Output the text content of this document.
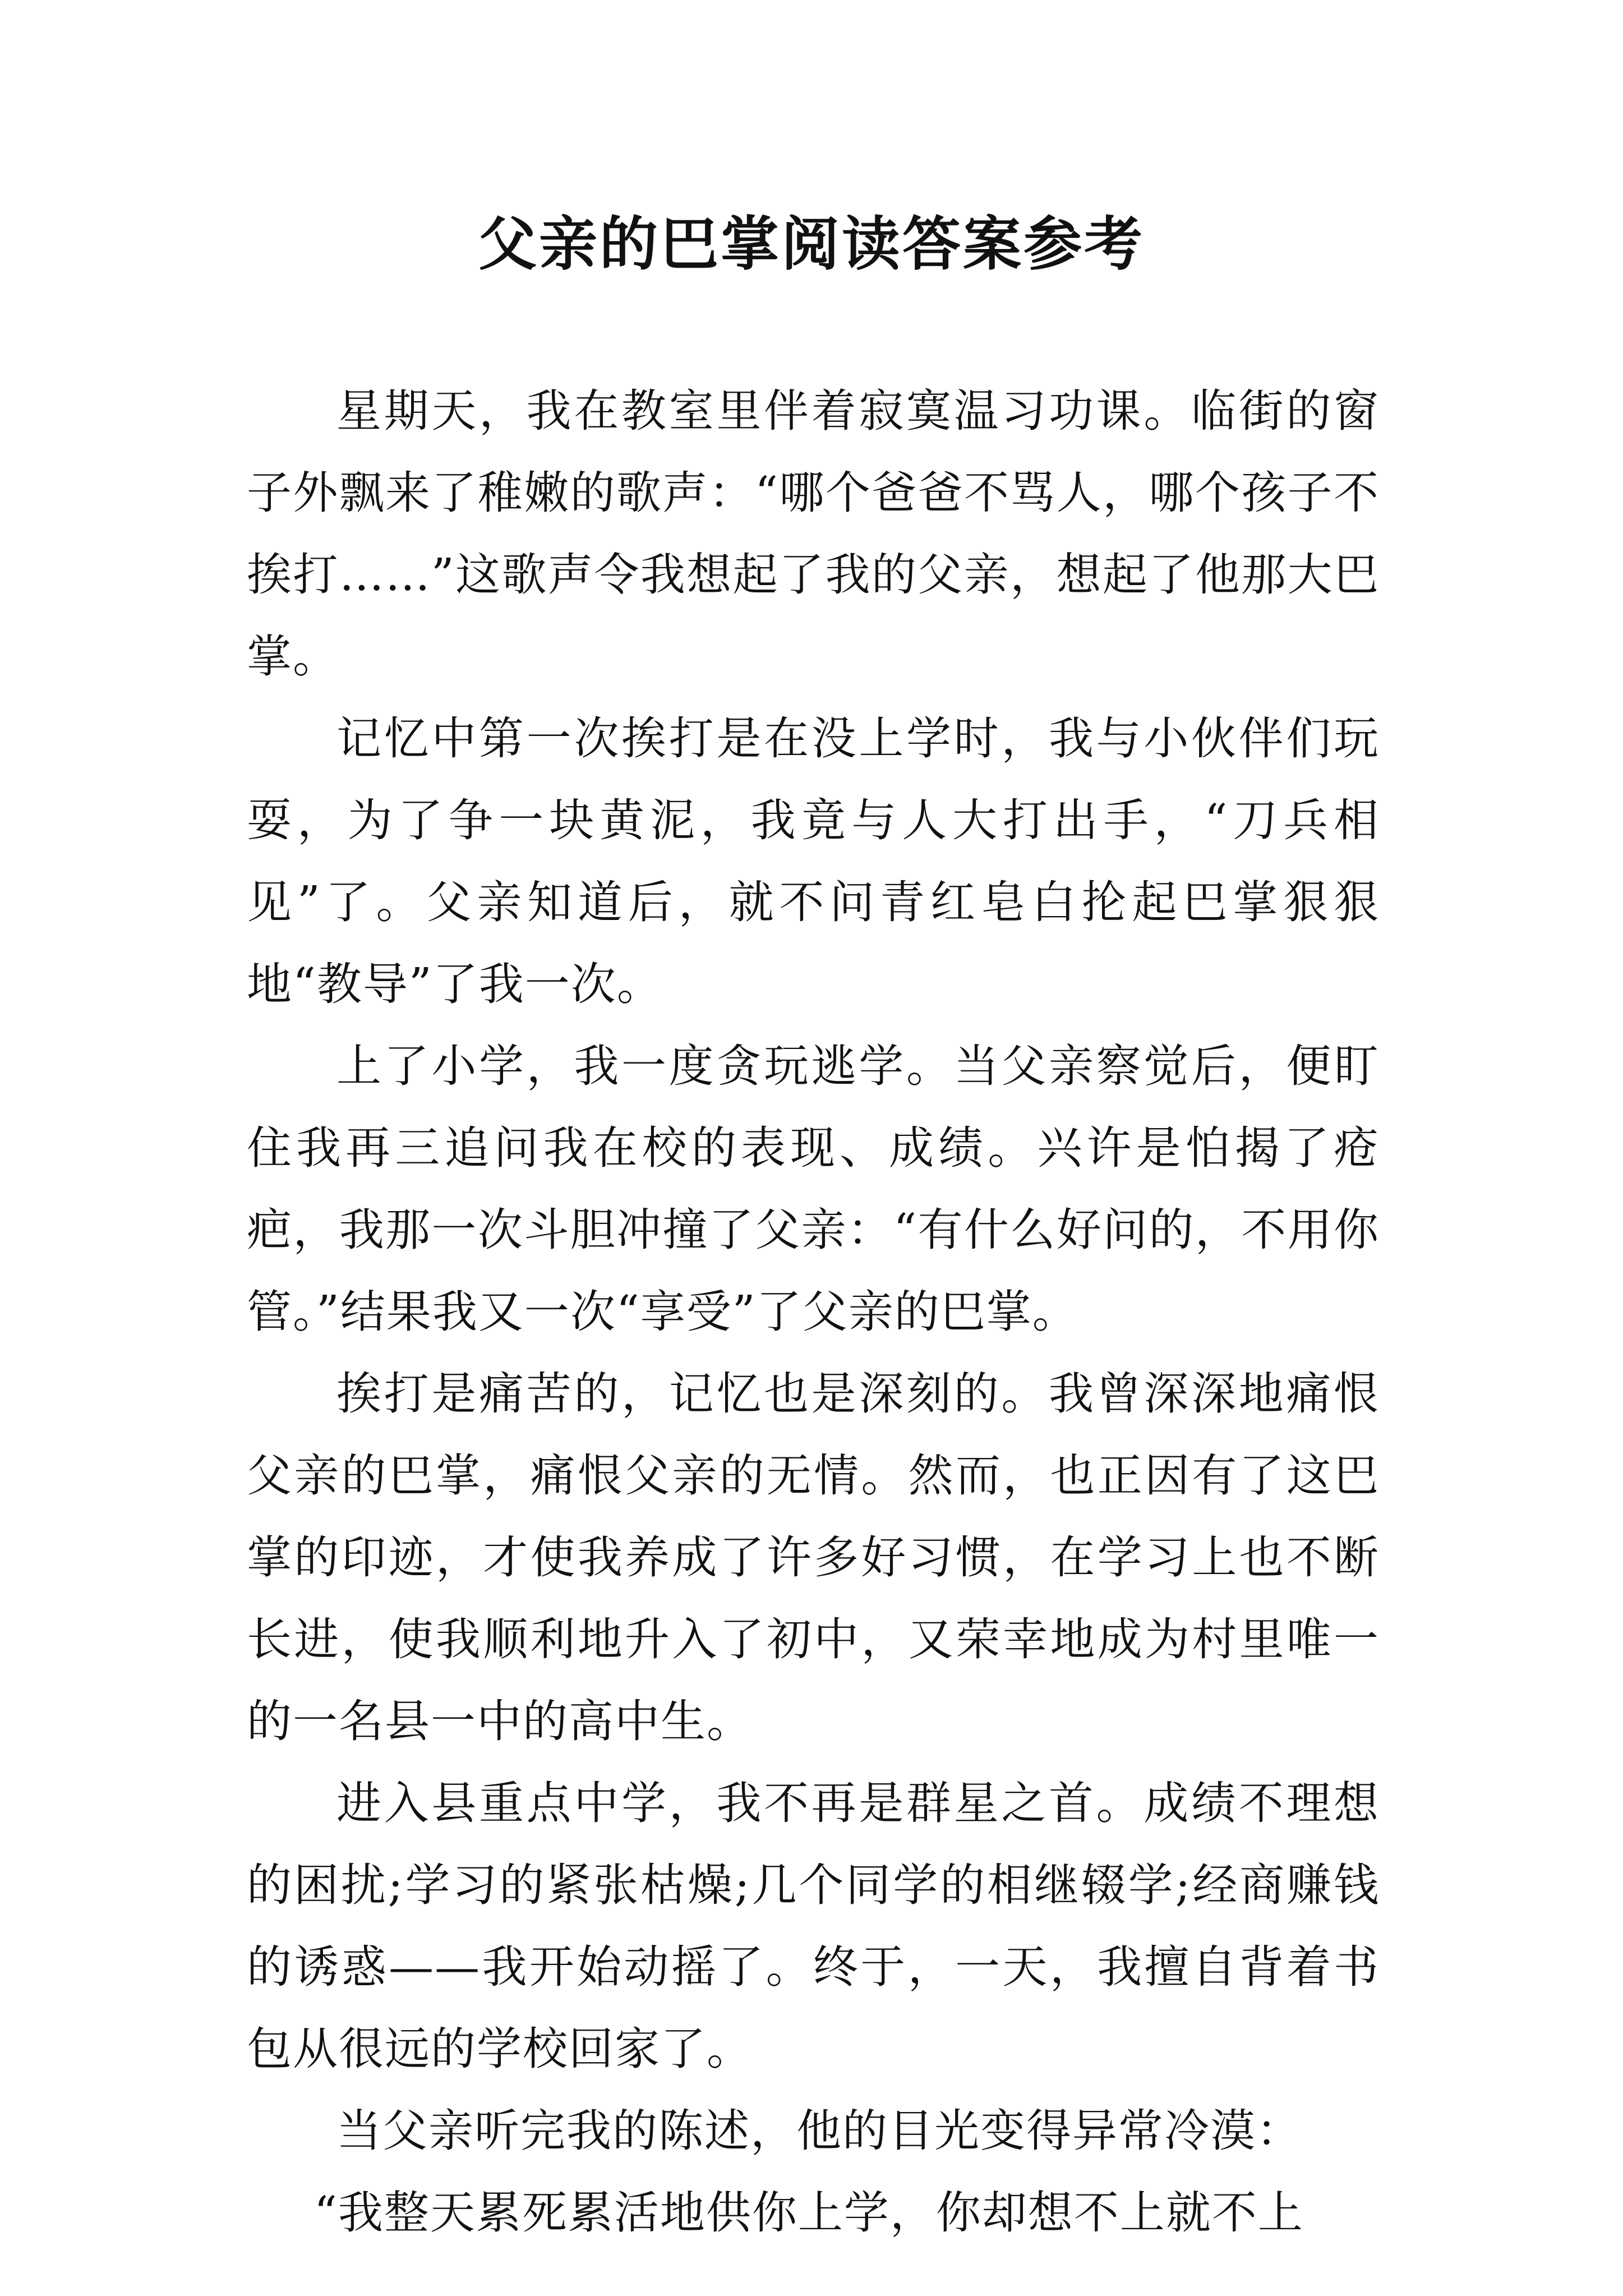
父亲的巴掌阅读答案参考

星期天，我在教室里伴着寂寞温习功课。临街的窗子外飘来了稚嫩的歌声：“哪个爸爸不骂人，哪个孩子不挨打……”这歌声令我想起了我的父亲，想起了他那大巴掌。

记忆中第一次挨打是在没上学时，我与小伙伴们玩耍，为了争一块黄泥，我竟与人大打出手，“刀兵相见”了。父亲知道后，就不问青红皂白抡起巴掌狠狠地“教导”了我一次。

上了小学，我一度贪玩逃学。当父亲察觉后，便盯住我再三追问我在校的表现、成绩。兴许是怕揭了疮疤，我那一次斗胆冲撞了父亲：“有什么好问的，不用你管。”结果我又一次“享受”了父亲的巴掌。

挨打是痛苦的，记忆也是深刻的。我曾深深地痛恨父亲的巴掌，痛恨父亲的无情。然而，也正因有了这巴掌的印迹，才使我养成了许多好习惯，在学习上也不断长进，使我顺利地升入了初中，又荣幸地成为村里唯一的一名县一中的高中生。

进入县重点中学，我不再是群星之首。成绩不理想的困扰;学习的紧张枯燥;几个同学的相继辍学;经商赚钱的诱惑——我开始动摇了。终于，一天，我擅自背着书包从很远的学校回家了。

当父亲听完我的陈述，他的目光变得异常冷漠：

“我整天累死累活地供你上学，你却想不上就不上
